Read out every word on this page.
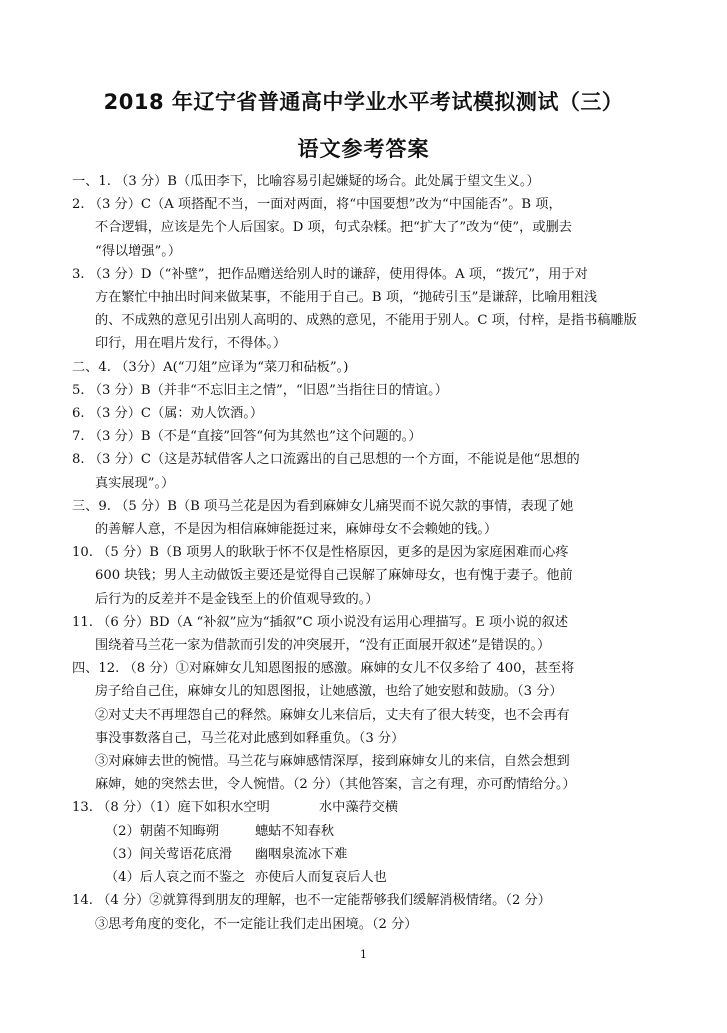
2018 年辽宁省普通高中学业水平考试模拟测试（三）
语文参考答案
一、1. （3 分）B（瓜田李下，比喻容易引起嫌疑的场合。此处属于望文生义。）
2. （3 分）C（A 项搭配不当，一面对两面，将“中国要想”改为“中国能否”。B 项，
不合逻辑，应该是先个人后国家。D 项，句式杂糅。把“扩大了”改为“使”，或删去
“得以增强”。）
3. （3 分）D（“补壁”，把作品赠送给别人时的谦辞，使用得体。A 项，“拨冗”，用于对
方在繁忙中抽出时间来做某事，不能用于自己。B 项，“抛砖引玉”是谦辞，比喻用粗浅
的、不成熟的意见引出别人高明的、成熟的意见，不能用于别人。C 项，付梓，是指书稿雕版
印行，用在唱片发行，不得体。）
二、4. （3分）A(“刀俎”应译为“菜刀和砧板”。)
5. （3 分）B（并非“不忘旧主之情”，“旧恩”当指往日的情谊。）
6. （3 分）C（属：劝人饮酒。）
7. （3 分）B（不是“直接”回答“何为其然也”这个问题的。）
8. （3 分）C（这是苏轼借客人之口流露出的自己思想的一个方面，不能说是他“思想的
真实展现”。）
三、9. （5 分）B（B 项马兰花是因为看到麻婶女儿痛哭而不说欠款的事情，表现了她
的善解人意，不是因为相信麻婶能挺过来，麻婶母女不会赖她的钱。）
10. （5 分）B（B 项男人的耿耿于怀不仅是性格原因，更多的是因为家庭困难而心疼
600 块钱；男人主动做饭主要还是觉得自己误解了麻婶母女，也有愧于妻子。他前
后行为的反差并不是金钱至上的价值观导致的。）
11. （6 分）BD（A “补叙”应为“插叙”C 项小说没有运用心理描写。E 项小说的叙述
围绕着马兰花一家为借款而引发的冲突展开，“没有正面展开叙述”是错误的。）
四、12. （8 分）①对麻婶女儿知恩图报的感激。麻婶的女儿不仅多给了 400，甚至将
房子给自己住，麻婶女儿的知恩图报，让她感激，也给了她安慰和鼓励。（3 分）
②对丈夫不再埋怨自己的释然。麻婶女儿来信后，丈夫有了很大转变，也不会再有
事没事数落自己，马兰花对此感到如释重负。（3 分）
③对麻婶去世的惋惜。马兰花与麻婶感情深厚，接到麻婶女儿的来信，自然会想到
麻婶，她的突然去世，令人惋惜。（2 分）（其他答案，言之有理，亦可酌情给分。）
13. （8 分）（1）庭下如积水空明	水中藻荇交横
（2）朝菌不知晦朔	蟪蛄不知春秋
（3）间关莺语花底滑 幽咽泉流冰下难
（4）后人哀之而不鉴之 亦使后人而复哀后人也
14. （4 分）②就算得到朋友的理解，也不一定能帮够我们缓解消极情绪。（2 分）
③思考角度的变化，不一定能让我们走出困境。（2 分）
1
